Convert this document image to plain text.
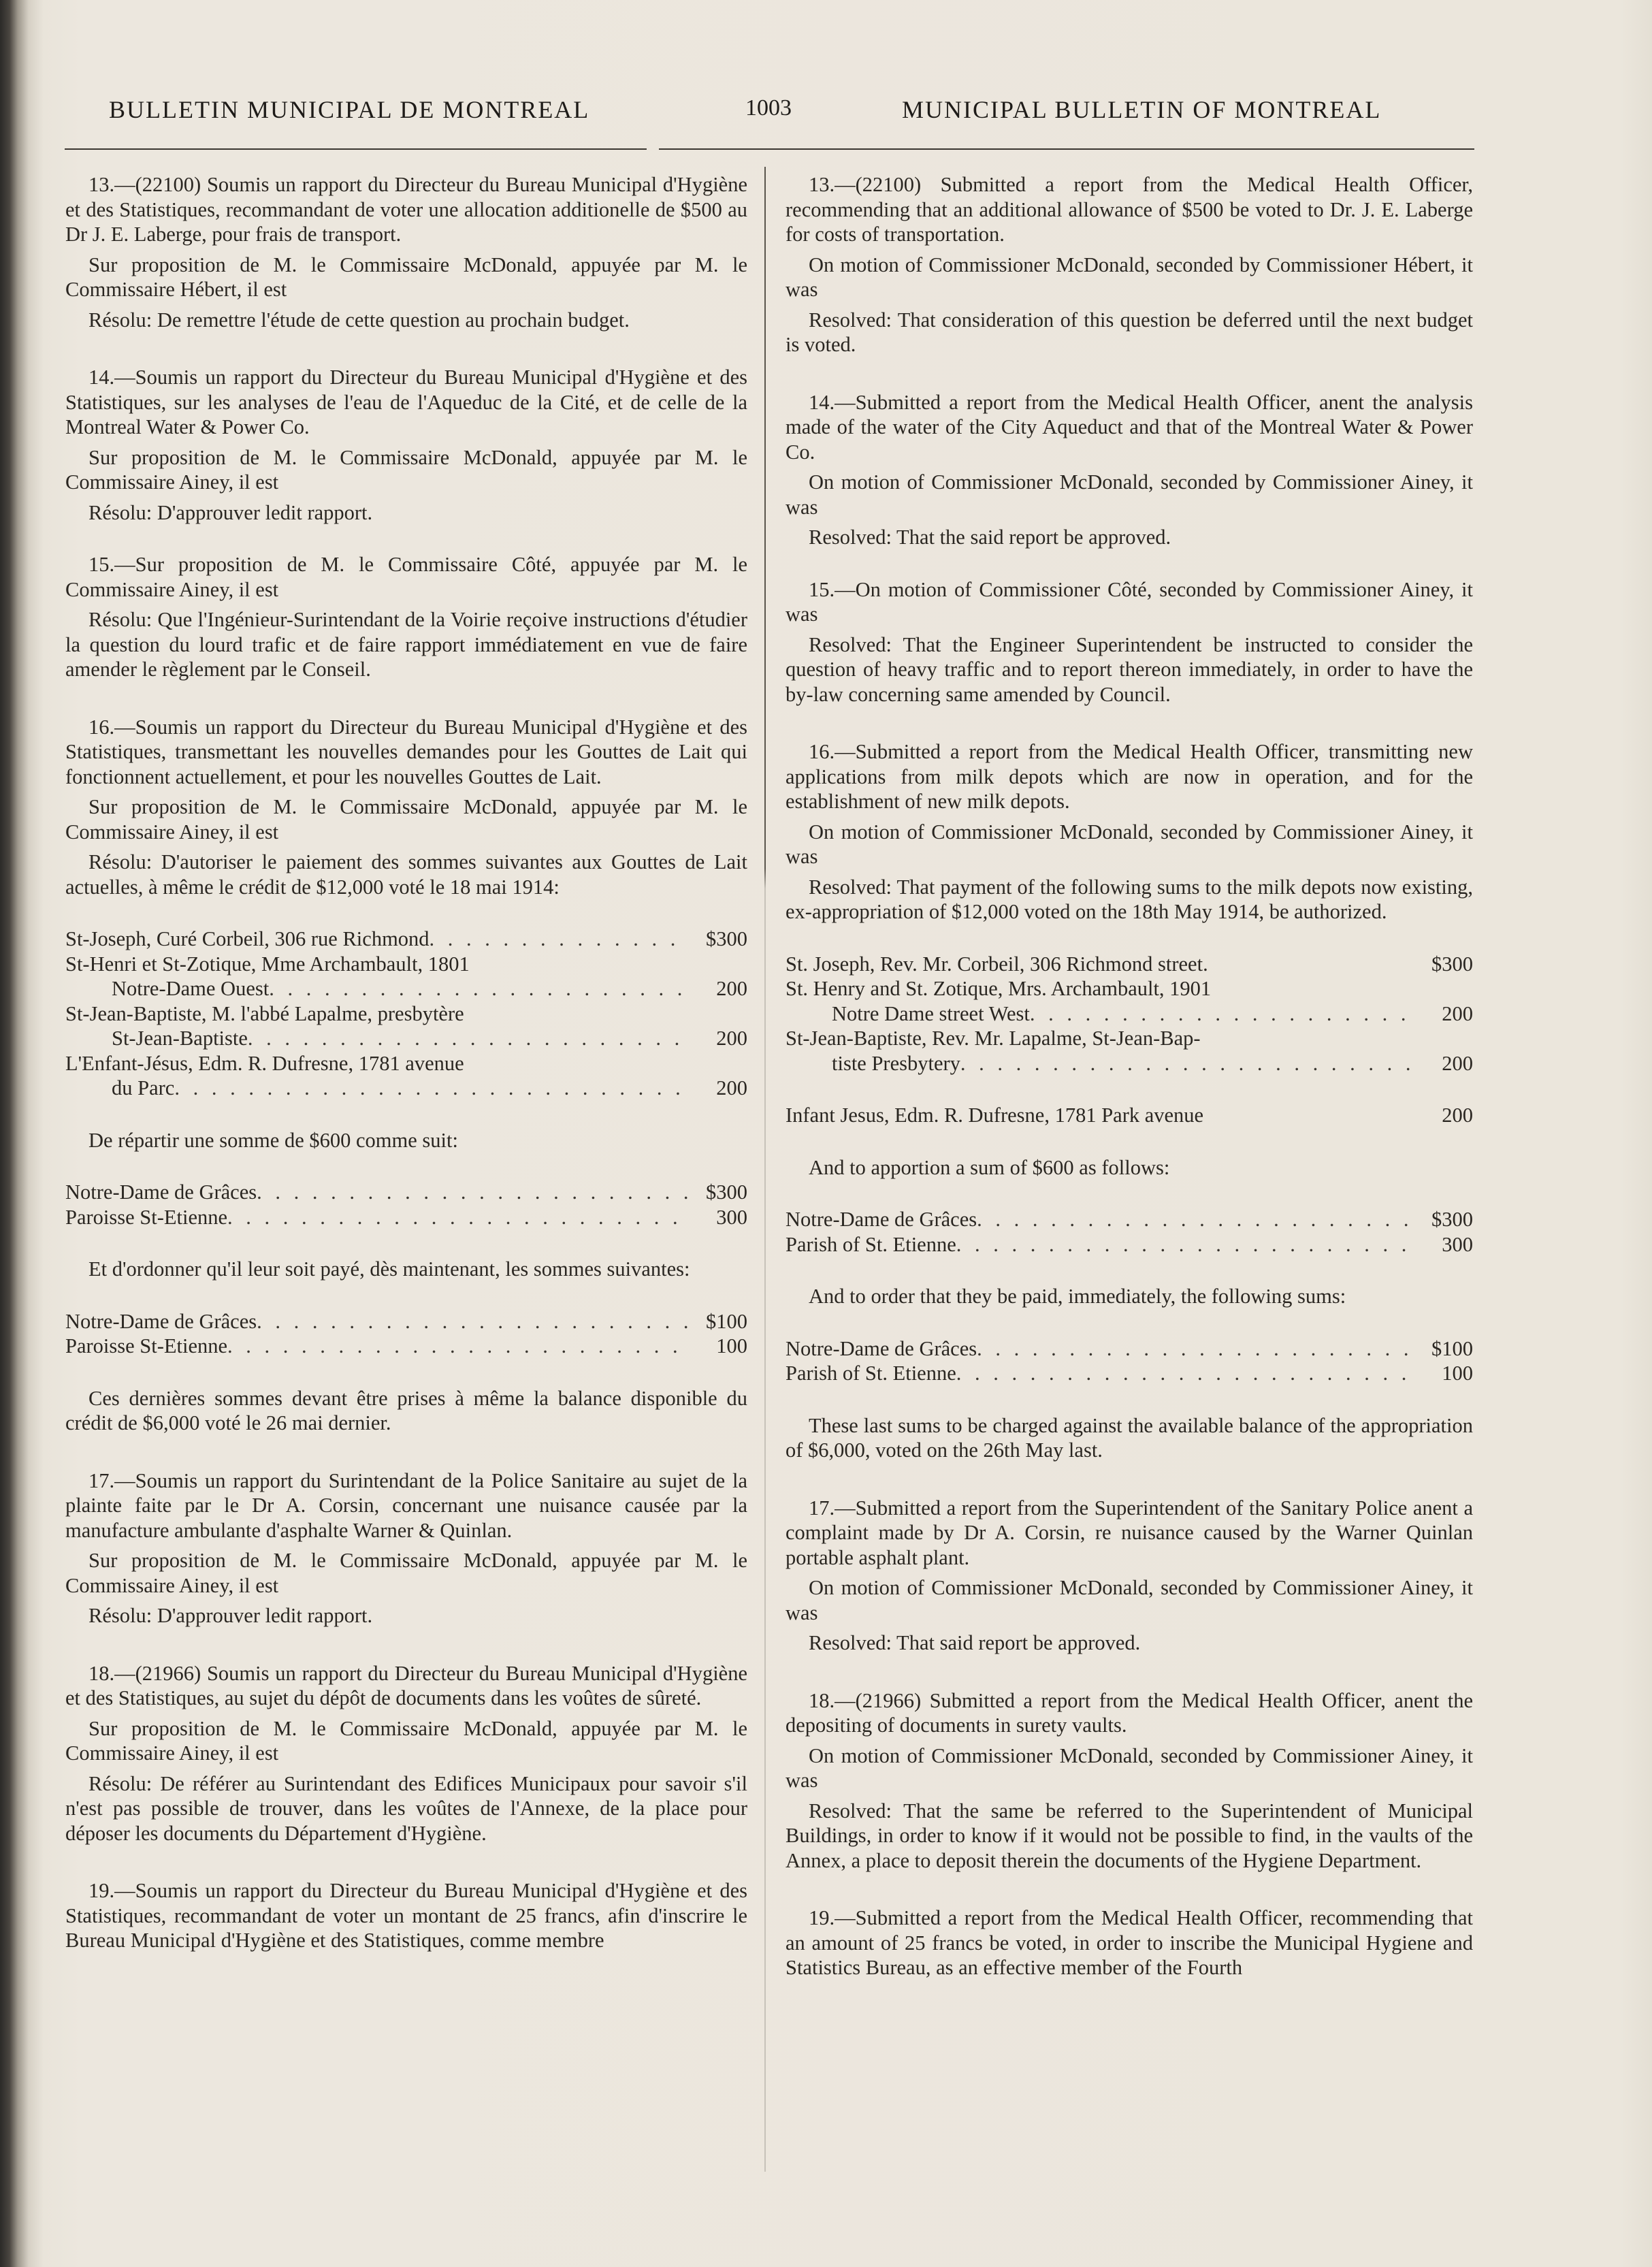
BULLETIN MUNICIPAL DE MONTREAL	1003	MUNICIPAL BULLETIN OF MONTREAL

13.—(22100) Soumis un rapport du Directeur du Bureau Municipal d'Hygiène et des Statistiques, recommandant de voter une allocation additionelle de $500 au Dr J. E. Laberge, pour frais de transport.

Sur proposition de M. le Commissaire McDonald, appuyée par M. le Commissaire Hébert, il est

Résolu: De remettre l'étude de cette question au prochain budget.

14.—Soumis un rapport du Directeur du Bureau Municipal d'Hygiène et des Statistiques, sur les analyses de l'eau de l'Aqueduc de la Cité, et de celle de la Montreal Water & Power Co.

Sur proposition de M. le Commissaire McDonald, appuyée par M. le Commissaire Ainey, il est

Résolu: D'approuver ledit rapport.

15.—Sur proposition de M. le Commissaire Côté, appuyée par M. le Commissaire Ainey, il est

Résolu: Que l'Ingénieur-Surintendant de la Voirie reçoive instructions d'étudier la question du lourd trafic et de faire rapport immédiatement en vue de faire amender le règlement par le Conseil.

16.—Soumis un rapport du Directeur du Bureau Municipal d'Hygiène et des Statistiques, transmettant les nouvelles demandes pour les Gouttes de Lait qui fonctionnent actuellement, et pour les nouvelles Gouttes de Lait.

Sur proposition de M. le Commissaire McDonald, appuyée par M. le Commissaire Ainey, il est

Résolu: D'autoriser le paiement des sommes suivantes aux Gouttes de Lait actuelles, à même le crédit de $12,000 voté le 18 mai 1914:

St-Joseph, Curé Corbeil, 306 rue Richmond . . .	$300
St-Henri et St-Zotique, Mme Archambault, 1801
Notre-Dame Ouest . . .	200
St-Jean-Baptiste, M. l'abbé Lapalme, presbytère
St-Jean-Baptiste . . .	200
L'Enfant-Jésus, Edm. R. Dufresne, 1781 avenue
du Parc . . .	200

De répartir une somme de $600 comme suit:

Notre-Dame de Grâces . . .	$300
Paroisse St-Etienne . . .	300

Et d'ordonner qu'il leur soit payé, dès maintenant, les sommes suivantes:

Notre-Dame de Grâces . . .	$100
Paroisse St-Etienne . . .	100

Ces dernières sommes devant être prises à même la balance disponible du crédit de $6,000 voté le 26 mai dernier.

17.—Soumis un rapport du Surintendant de la Police Sanitaire au sujet de la plainte faite par le Dr A. Corsin, concernant une nuisance causée par la manufacture ambulante d'asphalte Warner & Quinlan.

Sur proposition de M. le Commissaire McDonald, appuyée par M. le Commissaire Ainey, il est

Résolu: D'approuver ledit rapport.

18.—(21966) Soumis un rapport du Directeur du Bureau Municipal d'Hygiène et des Statistiques, au sujet du dépôt de documents dans les voûtes de sûreté.

Sur proposition de M. le Commissaire McDonald, appuyée par M. le Commissaire Ainey, il est

Résolu: De référer au Surintendant des Edifices Municipaux pour savoir s'il n'est pas possible de trouver, dans les voûtes de l'Annexe, de la place pour déposer les documents du Département d'Hygiène.

19.—Soumis un rapport du Directeur du Bureau Municipal d'Hygiène et des Statistiques, recommandant de voter un montant de 25 francs, afin d'inscrire le Bureau Municipal d'Hygiène et des Statistiques, comme membre

13.—(22100) Submitted a report from the Medical Health Officer, recommending that an additional allowance of $500 be voted to Dr. J. E. Laberge for costs of transportation.

On motion of Commissioner McDonald, seconded by Commissioner Hébert, it was

Resolved: That consideration of this question be deferred until the next budget is voted.

14.—Submitted a report from the Medical Health Officer, anent the analysis made of the water of the City Aqueduct and that of the Montreal Water & Power Co.

On motion of Commissioner McDonald, seconded by Commissioner Ainey, it was

Resolved: That the said report be approved.

15.—On motion of Commissioner Côté, seconded by Commissioner Ainey, it was

Resolved: That the Engineer Superintendent be instructed to consider the question of heavy traffic and to report thereon immediately, in order to have the by-law concerning same amended by Council.

16.—Submitted a report from the Medical Health Officer, transmitting new applications from milk depots which are now in operation, and for the establishment of new milk depots.

On motion of Commissioner McDonald, seconded by Commissioner Ainey, it was

Resolved: That payment of the following sums to the milk depots now existing, ex-appropriation of $12,000 voted on the 18th May 1914, be authorized.

St. Joseph, Rev. Mr. Corbeil, 306 Richmond street.	$300
St. Henry and St. Zotique, Mrs. Archambault, 1901
Notre Dame street West . . .	200
St-Jean-Baptiste, Rev. Mr. Lapalme, St-Jean-Bap-
tiste Presbytery . . .	200
Infant Jesus, Edm. R. Dufresne, 1781 Park avenue	200

And to apportion a sum of $600 as follows:

Notre-Dame de Grâces . . .	$300
Parish of St. Etienne . . .	300

And to order that they be paid, immediately, the following sums:

Notre-Dame de Grâces . . .	$100
Parish of St. Etienne . . .	100

These last sums to be charged against the available balance of the appropriation of $6,000, voted on the 26th May last.

17.—Submitted a report from the Superintendent of the Sanitary Police anent a complaint made by Dr A. Corsin, re nuisance caused by the Warner Quinlan portable asphalt plant.

On motion of Commissioner McDonald, seconded by Commissioner Ainey, it was

Resolved: That said report be approved.

18.—(21966) Submitted a report from the Medical Health Officer, anent the depositing of documents in surety vaults.

On motion of Commissioner McDonald, seconded by Commissioner Ainey, it was

Resolved: That the same be referred to the Superintendent of Municipal Buildings, in order to know if it would not be possible to find, in the vaults of the Annex, a place to deposit therein the documents of the Hygiene Department.

19.—Submitted a report from the Medical Health Officer, recommending that an amount of 25 francs be voted, in order to inscribe the Municipal Hygiene and Statistics Bureau, as an effective member of the Fourth
